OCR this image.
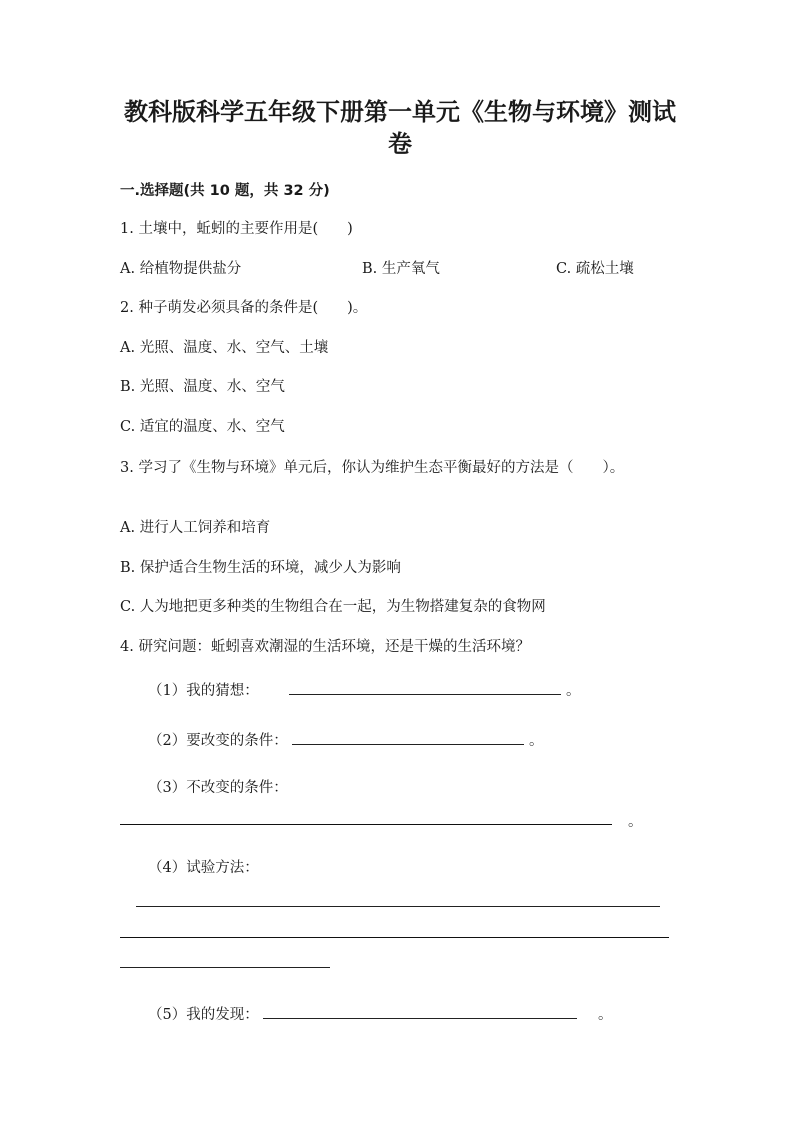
教科版科学五年级下册第一单元《生物与环境》测试卷
一.选择题(共 10 题，共 32 分)
1. 土壤中，蚯蚓的主要作用是(　　)
A. 给植物提供盐分	B. 生产氧气	C. 疏松土壤
2. 种子萌发必须具备的条件是(　　)。
A. 光照、温度、水、空气、土壤
B. 光照、温度、水、空气
C. 适宜的温度、水、空气
3. 学习了《生物与环境》单元后，你认为维护生态平衡最好的方法是（　　）。
A. 进行人工饲养和培育
B. 保护适合生物生活的环境，减少人为影响
C. 人为地把更多种类的生物组合在一起，为生物搭建复杂的食物网
4. 研究问题：蚯蚓喜欢潮湿的生活环境，还是干燥的生活环境？
（1）我的猜想：	。
（2）要改变的条件：	。
（3）不改变的条件：
。
（4）试验方法：
（5）我的发现：	。
